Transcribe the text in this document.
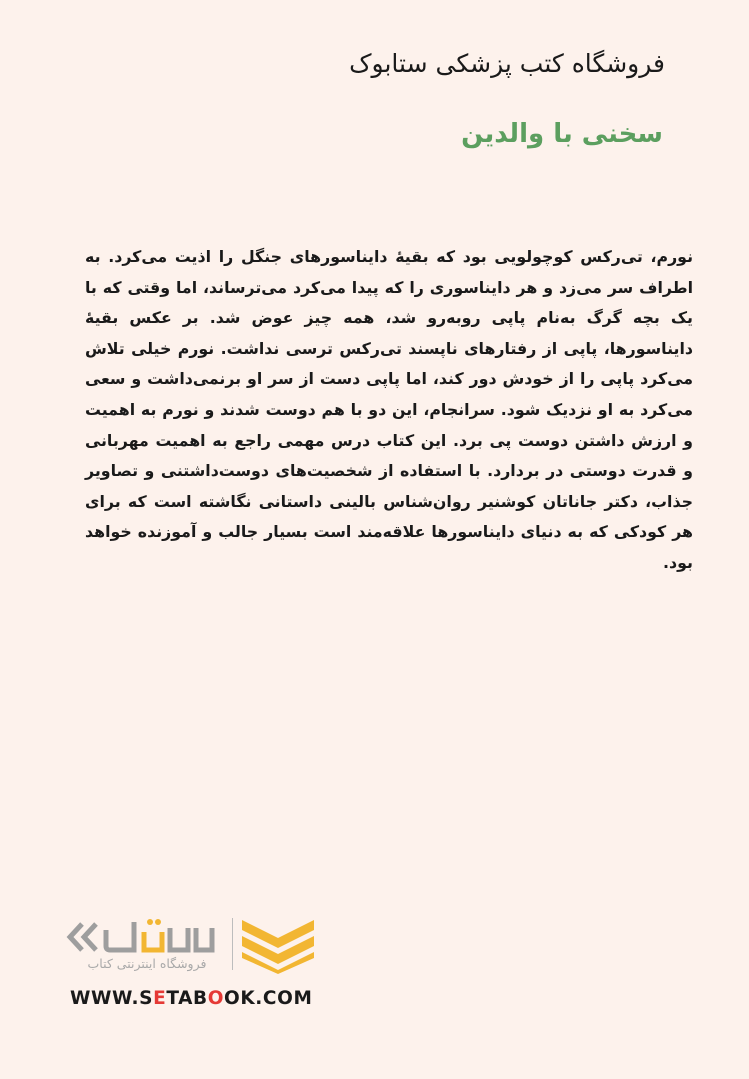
فروشگاه کتب پزشکی ستابوک
سخنی با والدین

نورم، تی‌رکس کوچولویی بود که بقیهٔ دایناسورهای جنگل را اذیت می‌کرد. به اطراف سر می‌زد و هر دایناسوری را که پیدا می‌کرد می‌ترساند، اما وقتی که با یک بچه گرگ به‌نام پاپی روبه‌رو شد، همه چیز عوض شد. بر عکس بقیهٔ دایناسورها، پاپی از رفتارهای ناپسند تی‌رکس ترسی نداشت. نورم خیلی تلاش می‌کرد پاپی را از خودش دور کند، اما پاپی دست از سر او برنمی‌داشت و سعی می‌کرد به او نزدیک شود. سرانجام، این دو با هم دوست شدند و نورم به اهمیت و ارزش داشتن دوست پی برد. این کتاب درس مهمی راجع به اهمیت مهربانی و قدرت دوستی در بردارد. با استفاده از شخصیت‌های دوست‌داشتنی و تصاویر جذاب، دکتر جاناتان کوشنیر روان‌شناس بالینی داستانی نگاشته است که برای هر کودکی که به دنیای دایناسورها علاقه‌مند است بسیار جالب و آموزنده خواهد بود.

فروشگاه اینترنتی کتاب
WWW.SETABOOK.COM
